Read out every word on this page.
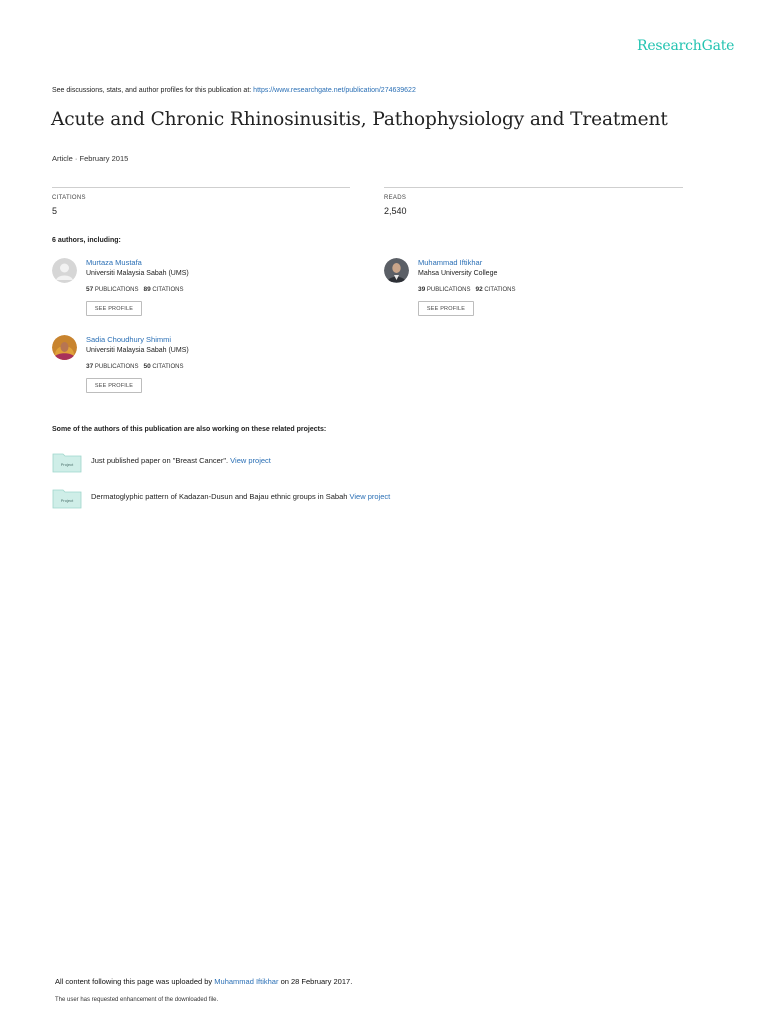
ResearchGate
See discussions, stats, and author profiles for this publication at: https://www.researchgate.net/publication/274639622
Acute and Chronic Rhinosinusitis, Pathophysiology and Treatment
Article · February 2015
CITATIONS
5
READS
2,540
6 authors, including:
Murtaza Mustafa
Universiti Malaysia Sabah (UMS)
57 PUBLICATIONS 89 CITATIONS
SEE PROFILE
Muhammad Iftikhar
Mahsa University College
39 PUBLICATIONS 92 CITATIONS
SEE PROFILE
Sadia Choudhury Shimmi
Universiti Malaysia Sabah (UMS)
37 PUBLICATIONS 50 CITATIONS
SEE PROFILE
Some of the authors of this publication are also working on these related projects:
Project Just published paper on "Breast Cancer". View project
Project Dermatoglyphic pattern of Kadazan-Dusun and Bajau ethnic groups in Sabah View project
All content following this page was uploaded by Muhammad Iftikhar on 28 February 2017.
The user has requested enhancement of the downloaded file.
